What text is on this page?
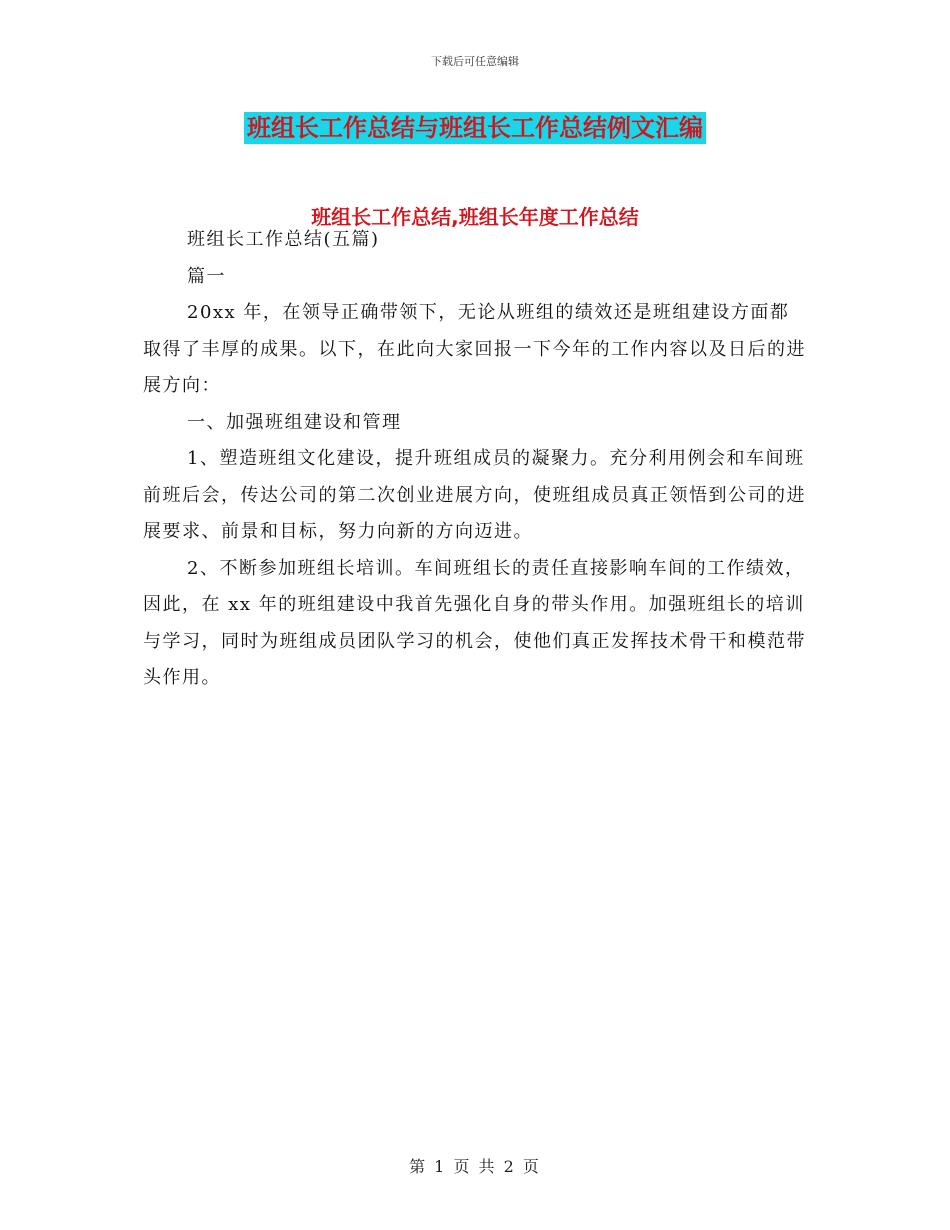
下载后可任意编辑
班组长工作总结与班组长工作总结例文汇编
班组长工作总结,班组长年度工作总结

班组长工作总结(五篇)

篇一

20xx 年，在领导正确带领下，无论从班组的绩效还是班组建设方面都取得了丰厚的成果。以下，在此向大家回报一下今年的工作内容以及日后的进展方向：

一、加强班组建设和管理

1、塑造班组文化建设，提升班组成员的凝聚力。充分利用例会和车间班前班后会，传达公司的第二次创业进展方向，使班组成员真正领悟到公司的进展要求、前景和目标，努力向新的方向迈进。

2、不断参加班组长培训。车间班组长的责任直接影响车间的工作绩效，因此，在 xx 年的班组建设中我首先强化自身的带头作用。加强班组长的培训与学习，同时为班组成员团队学习的机会，使他们真正发挥技术骨干和模范带头作用。

第 1 页 共 2 页
